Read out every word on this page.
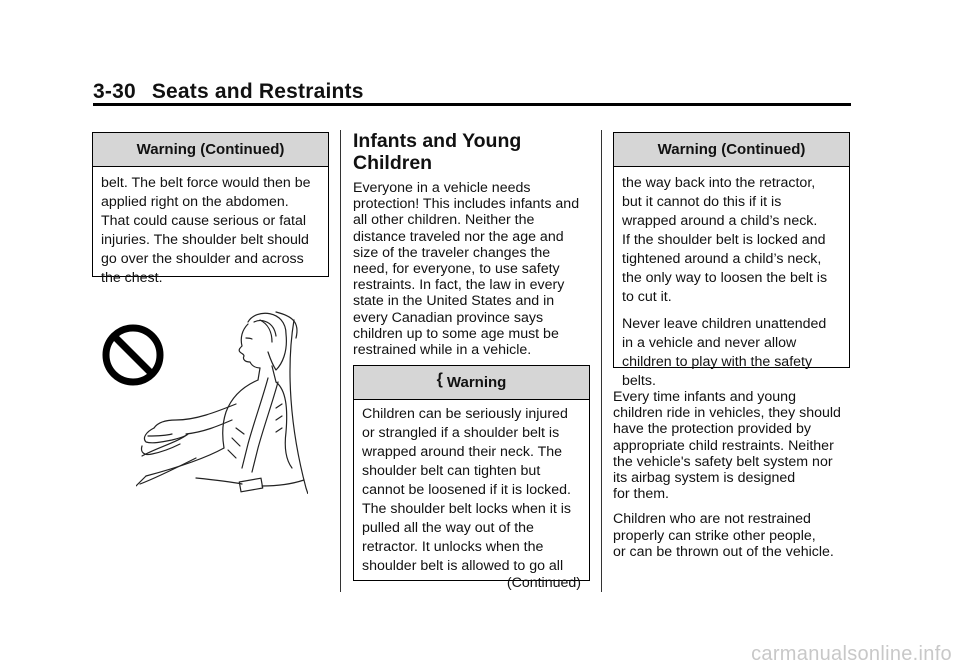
3-30 Seats and Restraints
Warning (Continued)
belt. The belt force would then be
applied right on the abdomen.
That could cause serious or fatal
injuries. The shoulder belt should
go over the shoulder and across
the chest.
Infants and Young
Children
Everyone in a vehicle needs
protection! This includes infants and
all other children. Neither the
distance traveled nor the age and
size of the traveler changes the
need, for everyone, to use safety
restraints. In fact, the law in every
state in the United States and in
every Canadian province says
children up to some age must be
restrained while in a vehicle.
{ Warning
Children can be seriously injured
or strangled if a shoulder belt is
wrapped around their neck. The
shoulder belt can tighten but
cannot be loosened if it is locked.
The shoulder belt locks when it is
pulled all the way out of the
retractor. It unlocks when the
shoulder belt is allowed to go all
(Continued)
Warning (Continued)

the way back into the retractor,
but it cannot do this if it is
wrapped around a child’s neck.
If the shoulder belt is locked and
tightened around a child’s neck,
the only way to loosen the belt is
to cut it.

Never leave children unattended
in a vehicle and never allow
children to play with the safety
belts.

Every time infants and young
children ride in vehicles, they should
have the protection provided by
appropriate child restraints. Neither
the vehicle's safety belt system nor
its airbag system is designed
for them.

Children who are not restrained
properly can strike other people,
or can be thrown out of the vehicle.

carmanualsonline.info
